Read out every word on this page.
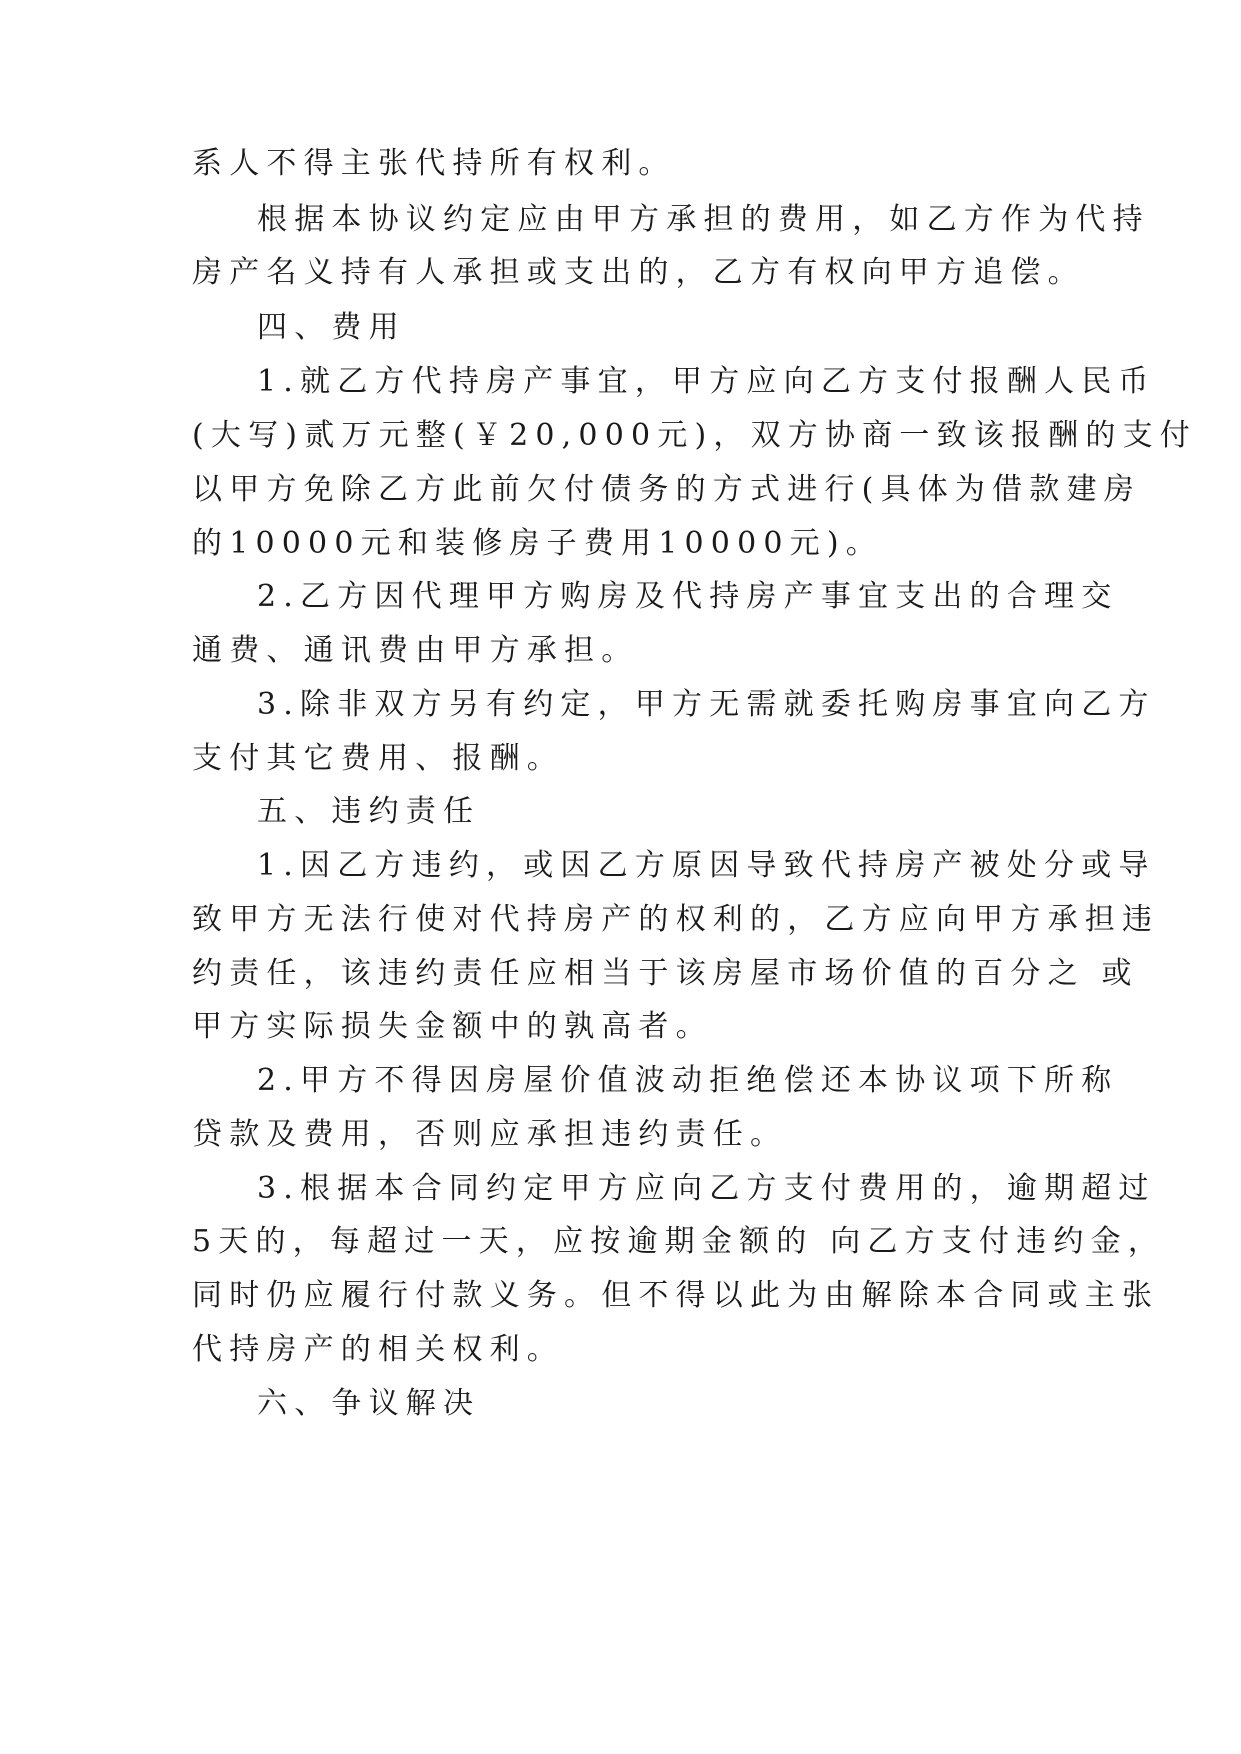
系人不得主张代持所有权利。
根据本协议约定应由甲方承担的费用，如乙方作为代持
房产名义持有人承担或支出的，乙方有权向甲方追偿。
四、费用
1.就乙方代持房产事宜，甲方应向乙方支付报酬人民币
(大写)贰万元整(￥20,000元)，双方协商一致该报酬的支付
以甲方免除乙方此前欠付债务的方式进行(具体为借款建房
的10000元和装修房子费用10000元)。
2.乙方因代理甲方购房及代持房产事宜支出的合理交
通费、通讯费由甲方承担。
3.除非双方另有约定，甲方无需就委托购房事宜向乙方
支付其它费用、报酬。
五、违约责任
1.因乙方违约，或因乙方原因导致代持房产被处分或导
致甲方无法行使对代持房产的权利的，乙方应向甲方承担违
约责任，该违约责任应相当于该房屋市场价值的百分之 或
甲方实际损失金额中的孰高者。
2.甲方不得因房屋价值波动拒绝偿还本协议项下所称
贷款及费用，否则应承担违约责任。
3.根据本合同约定甲方应向乙方支付费用的，逾期超过
5天的，每超过一天，应按逾期金额的 向乙方支付违约金，
同时仍应履行付款义务。但不得以此为由解除本合同或主张
代持房产的相关权利。
六、争议解决
